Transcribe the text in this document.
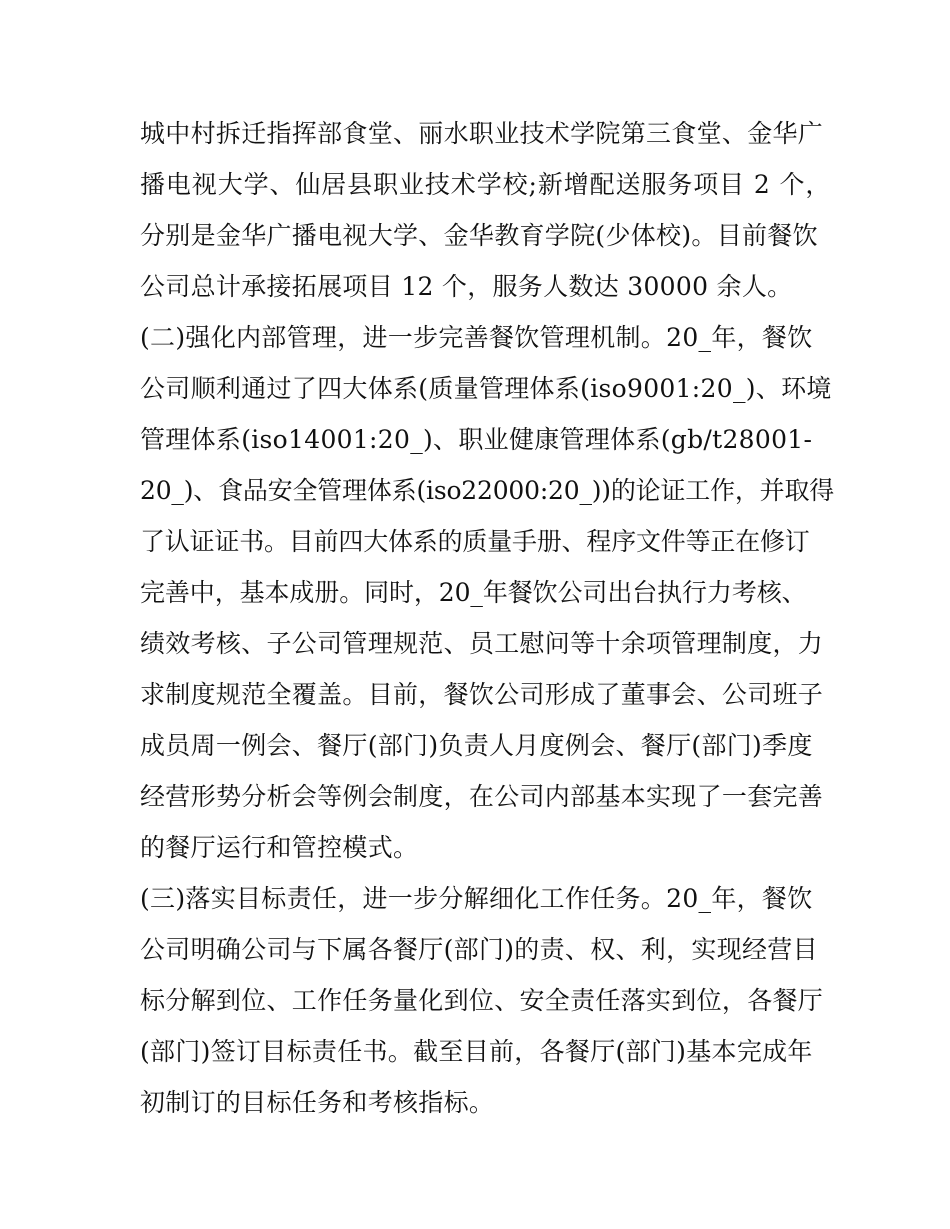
城中村拆迁指挥部食堂、丽水职业技术学院第三食堂、金华广
播电视大学、仙居县职业技术学校;新增配送服务项目 2 个，
分别是金华广播电视大学、金华教育学院(少体校)。目前餐饮
公司总计承接拓展项目 12 个，服务人数达 30000 余人。
(二)强化内部管理，进一步完善餐饮管理机制。20_年，餐饮
公司顺利通过了四大体系(质量管理体系(iso9001:20_)、环境
管理体系(iso14001:20_)、职业健康管理体系(gb/t28001-
20_)、食品安全管理体系(iso22000:20_))的论证工作，并取得
了认证证书。目前四大体系的质量手册、程序文件等正在修订
完善中，基本成册。同时，20_年餐饮公司出台执行力考核、
绩效考核、子公司管理规范、员工慰问等十余项管理制度，力
求制度规范全覆盖。目前，餐饮公司形成了董事会、公司班子
成员周一例会、餐厅(部门)负责人月度例会、餐厅(部门)季度
经营形势分析会等例会制度，在公司内部基本实现了一套完善
的餐厅运行和管控模式。
(三)落实目标责任，进一步分解细化工作任务。20_年，餐饮
公司明确公司与下属各餐厅(部门)的责、权、利，实现经营目
标分解到位、工作任务量化到位、安全责任落实到位，各餐厅
(部门)签订目标责任书。截至目前，各餐厅(部门)基本完成年
初制订的目标任务和考核指标。
